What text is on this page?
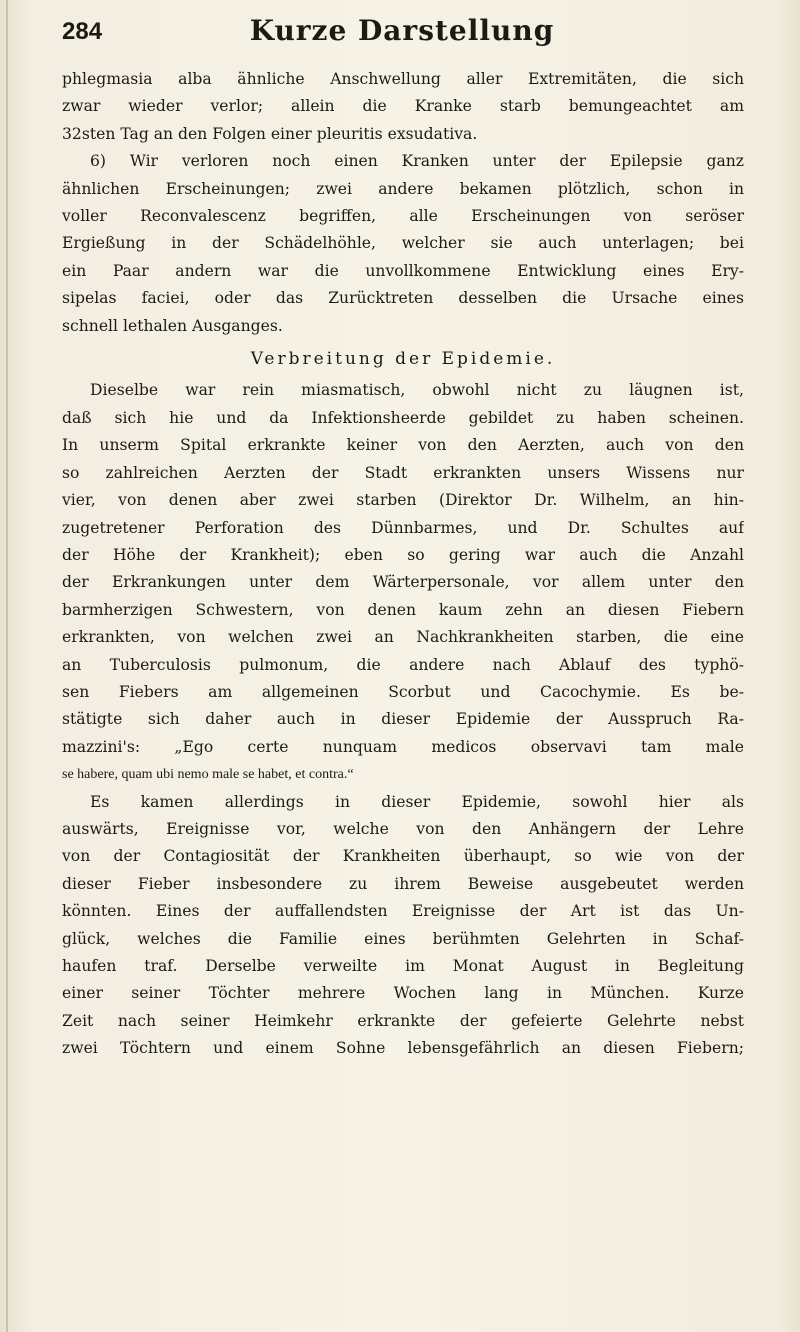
284	Kurze Darstellung

phlegmasia alba ähnliche Anschwellung aller Extremitäten, die sich
zwar wieder verlor; allein die Kranke starb bemungeachtet am
32sten Tag an den Folgen einer pleuritis exsudativa.

6) Wir verloren noch einen Kranken unter der Epilepsie ganz
ähnlichen Erscheinungen; zwei andere bekamen plötzlich, schon in
voller Reconvalescenz begriffen, alle Erscheinungen von seröser
Ergießung in der Schädelhöhle, welcher sie auch unterlagen; bei
ein Paar andern war die unvollkommene Entwicklung eines Ery-
sipelas faciei, oder das Zurücktreten desselben die Ursache eines
schnell lethalen Ausganges.

Verbreitung der Epidemie.

Dieselbe war rein miasmatisch, obwohl nicht zu läugnen ist,
daß sich hie und da Infektionsheerde gebildet zu haben scheinen.
In unserm Spital erkrankte keiner von den Aerzten, auch von den
so zahlreichen Aerzten der Stadt erkrankten unsers Wissens nur
vier, von denen aber zwei starben (Direktor Dr. Wilhelm, an hin-
zugetretener Perforation des Dünnbarmes, und Dr. Schultes auf
der Höhe der Krankheit); eben so gering war auch die Anzahl
der Erkrankungen unter dem Wärterpersonale, vor allem unter den
barmherzigen Schwestern, von denen kaum zehn an diesen Fiebern
erkrankten, von welchen zwei an Nachkrankheiten starben, die eine
an Tuberculosis pulmonum, die andere nach Ablauf des typhö-
sen Fiebers am allgemeinen Scorbut und Cacochymie. Es be-
stätigte sich daher auch in dieser Epidemie der Ausspruch Ra-
mazzini's: „Ego certe nunquam medicos observavi tam male
se habere, quam ubi nemo male se habet, et contra.“

Es kamen allerdings in dieser Epidemie, sowohl hier als
auswärts, Ereignisse vor, welche von den Anhängern der Lehre
von der Contagiosität der Krankheiten überhaupt, so wie von der
dieser Fieber insbesondere zu ihrem Beweise ausgebeutet werden
könnten. Eines der auffallendsten Ereignisse der Art ist das Un-
glück, welches die Familie eines berühmten Gelehrten in Schaf-
haufen traf. Derselbe verweilte im Monat August in Begleitung
einer seiner Töchter mehrere Wochen lang in München. Kurze
Zeit nach seiner Heimkehr erkrankte der gefeierte Gelehrte nebst
zwei Töchtern und einem Sohne lebensgefährlich an diesen Fiebern;
